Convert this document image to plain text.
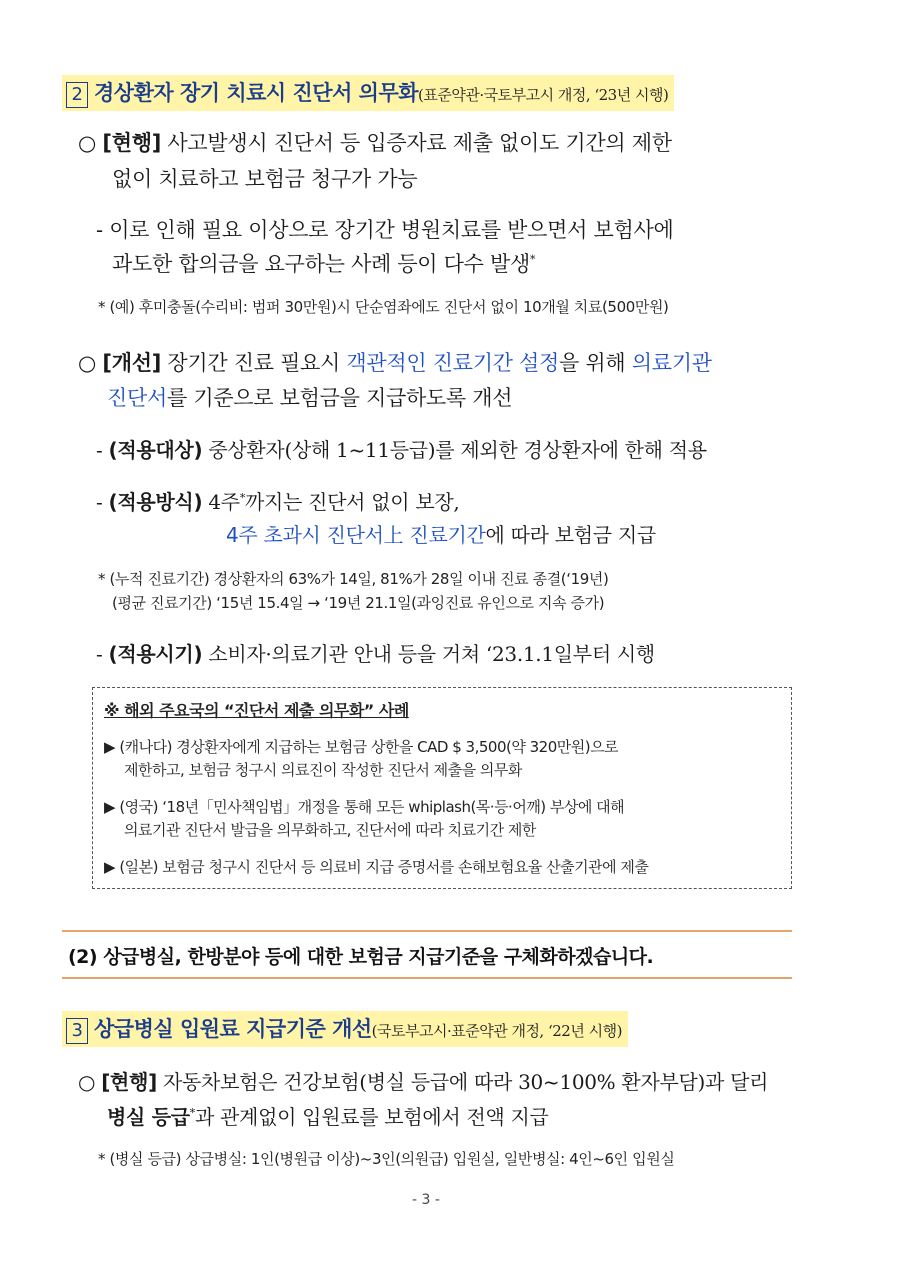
2 경상환자 장기 치료시 진단서 의무화(표준약관·국토부고시 개정, ‘23년 시행)
○ [현행] 사고발생시 진단서 등 입증자료 제출 없이도 기간의 제한
없이 치료하고 보험금 청구가 가능
- 이로 인해 필요 이상으로 장기간 병원치료를 받으면서 보험사에
과도한 합의금을 요구하는 사례 등이 다수 발생*
* (예) 후미충돌(수리비: 범퍼 30만원)시 단순염좌에도 진단서 없이 10개월 치료(500만원)
○ [개선] 장기간 진료 필요시 객관적인 진료기간 설정을 위해 의료기관
진단서를 기준으로 보험금을 지급하도록 개선
- (적용대상) 중상환자(상해 1~11등급)를 제외한 경상환자에 한해 적용
- (적용방식) 4주*까지는 진단서 없이 보장,
4주 초과시 진단서上 진료기간에 따라 보험금 지급
* (누적 진료기간) 경상환자의 63%가 14일, 81%가 28일 이내 진료 종결(‘19년)
(평균 진료기간) ‘15년 15.4일 → ‘19년 21.1일(과잉진료 유인으로 지속 증가)
- (적용시기) 소비자·의료기관 안내 등을 거쳐 ‘23.1.1일부터 시행
※ 해외 주요국의 “진단서 제출 의무화” 사례
▶ (캐나다) 경상환자에게 지급하는 보험금 상한을 CAD $ 3,500(약 320만원)으로
제한하고, 보험금 청구시 의료진이 작성한 진단서 제출을 의무화
▶ (영국) ‘18년「민사책임법」개정을 통해 모든 whiplash(목·등·어깨) 부상에 대해
의료기관 진단서 발급을 의무화하고, 진단서에 따라 치료기간 제한
▶ (일본) 보험금 청구시 진단서 등 의료비 지급 증명서를 손해보험요율 산출기관에 제출
(2) 상급병실, 한방분야 등에 대한 보험금 지급기준을 구체화하겠습니다.
3 상급병실 입원료 지급기준 개선(국토부고시·표준약관 개정, ‘22년 시행)
○ [현행] 자동차보험은 건강보험(병실 등급에 따라 30~100% 환자부담)과 달리
병실 등급*과 관계없이 입원료를 보험에서 전액 지급
* (병실 등급) 상급병실: 1인(병원급 이상)~3인(의원급) 입원실, 일반병실: 4인~6인 입원실
- 3 -
